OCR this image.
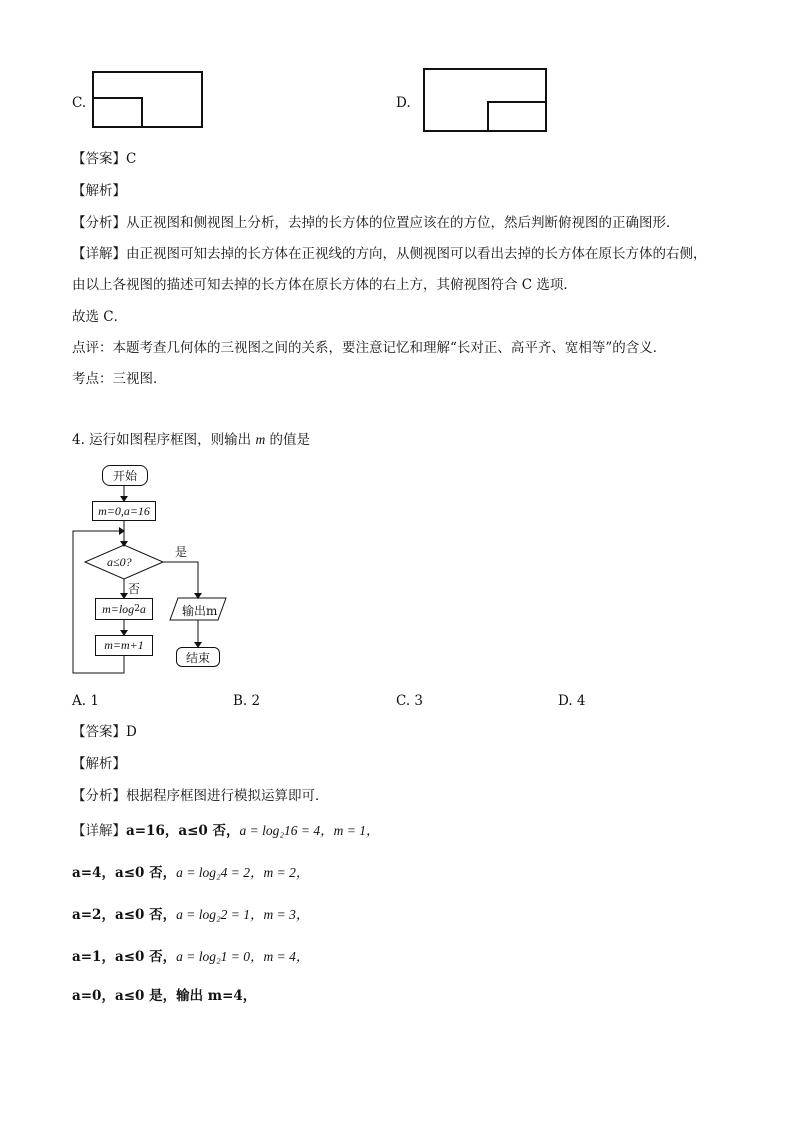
C.	D.
【答案】C
【解析】
【分析】从正视图和侧视图上分析，去掉的长方体的位置应该在的方位，然后判断俯视图的正确图形．
【详解】由正视图可知去掉的长方体在正视线的方向，从侧视图可以看出去掉的长方体在原长方体的右侧，
由以上各视图的描述可知去掉的长方体在原长方体的右上方，其俯视图符合 C 选项．
故选 C．
点评：本题考查几何体的三视图之间的关系，要注意记忆和理解“长对正、高平齐、宽相等”的含义．
考点：三视图．
4. 运行如图程序框图，则输出 m 的值是
开始
m=0,a=16
a≤0?
是
否
m=log 2 a
m=m+1
输出m
结束
A. 1	B. 2	C. 3	D. 4
【答案】D
【解析】
【分析】根据程序框图进行模拟运算即可．
【详解】a=16，a≤0 否，a = log₂16 = 4，m = 1，
a=4，a≤0 否，a = log₂4 = 2，m = 2，
a=2，a≤0 否，a = log₂2 = 1，m = 3，
a=1，a≤0 否，a = log₂1 = 0，m = 4，
a=0，a≤0 是，输出 m=4，
